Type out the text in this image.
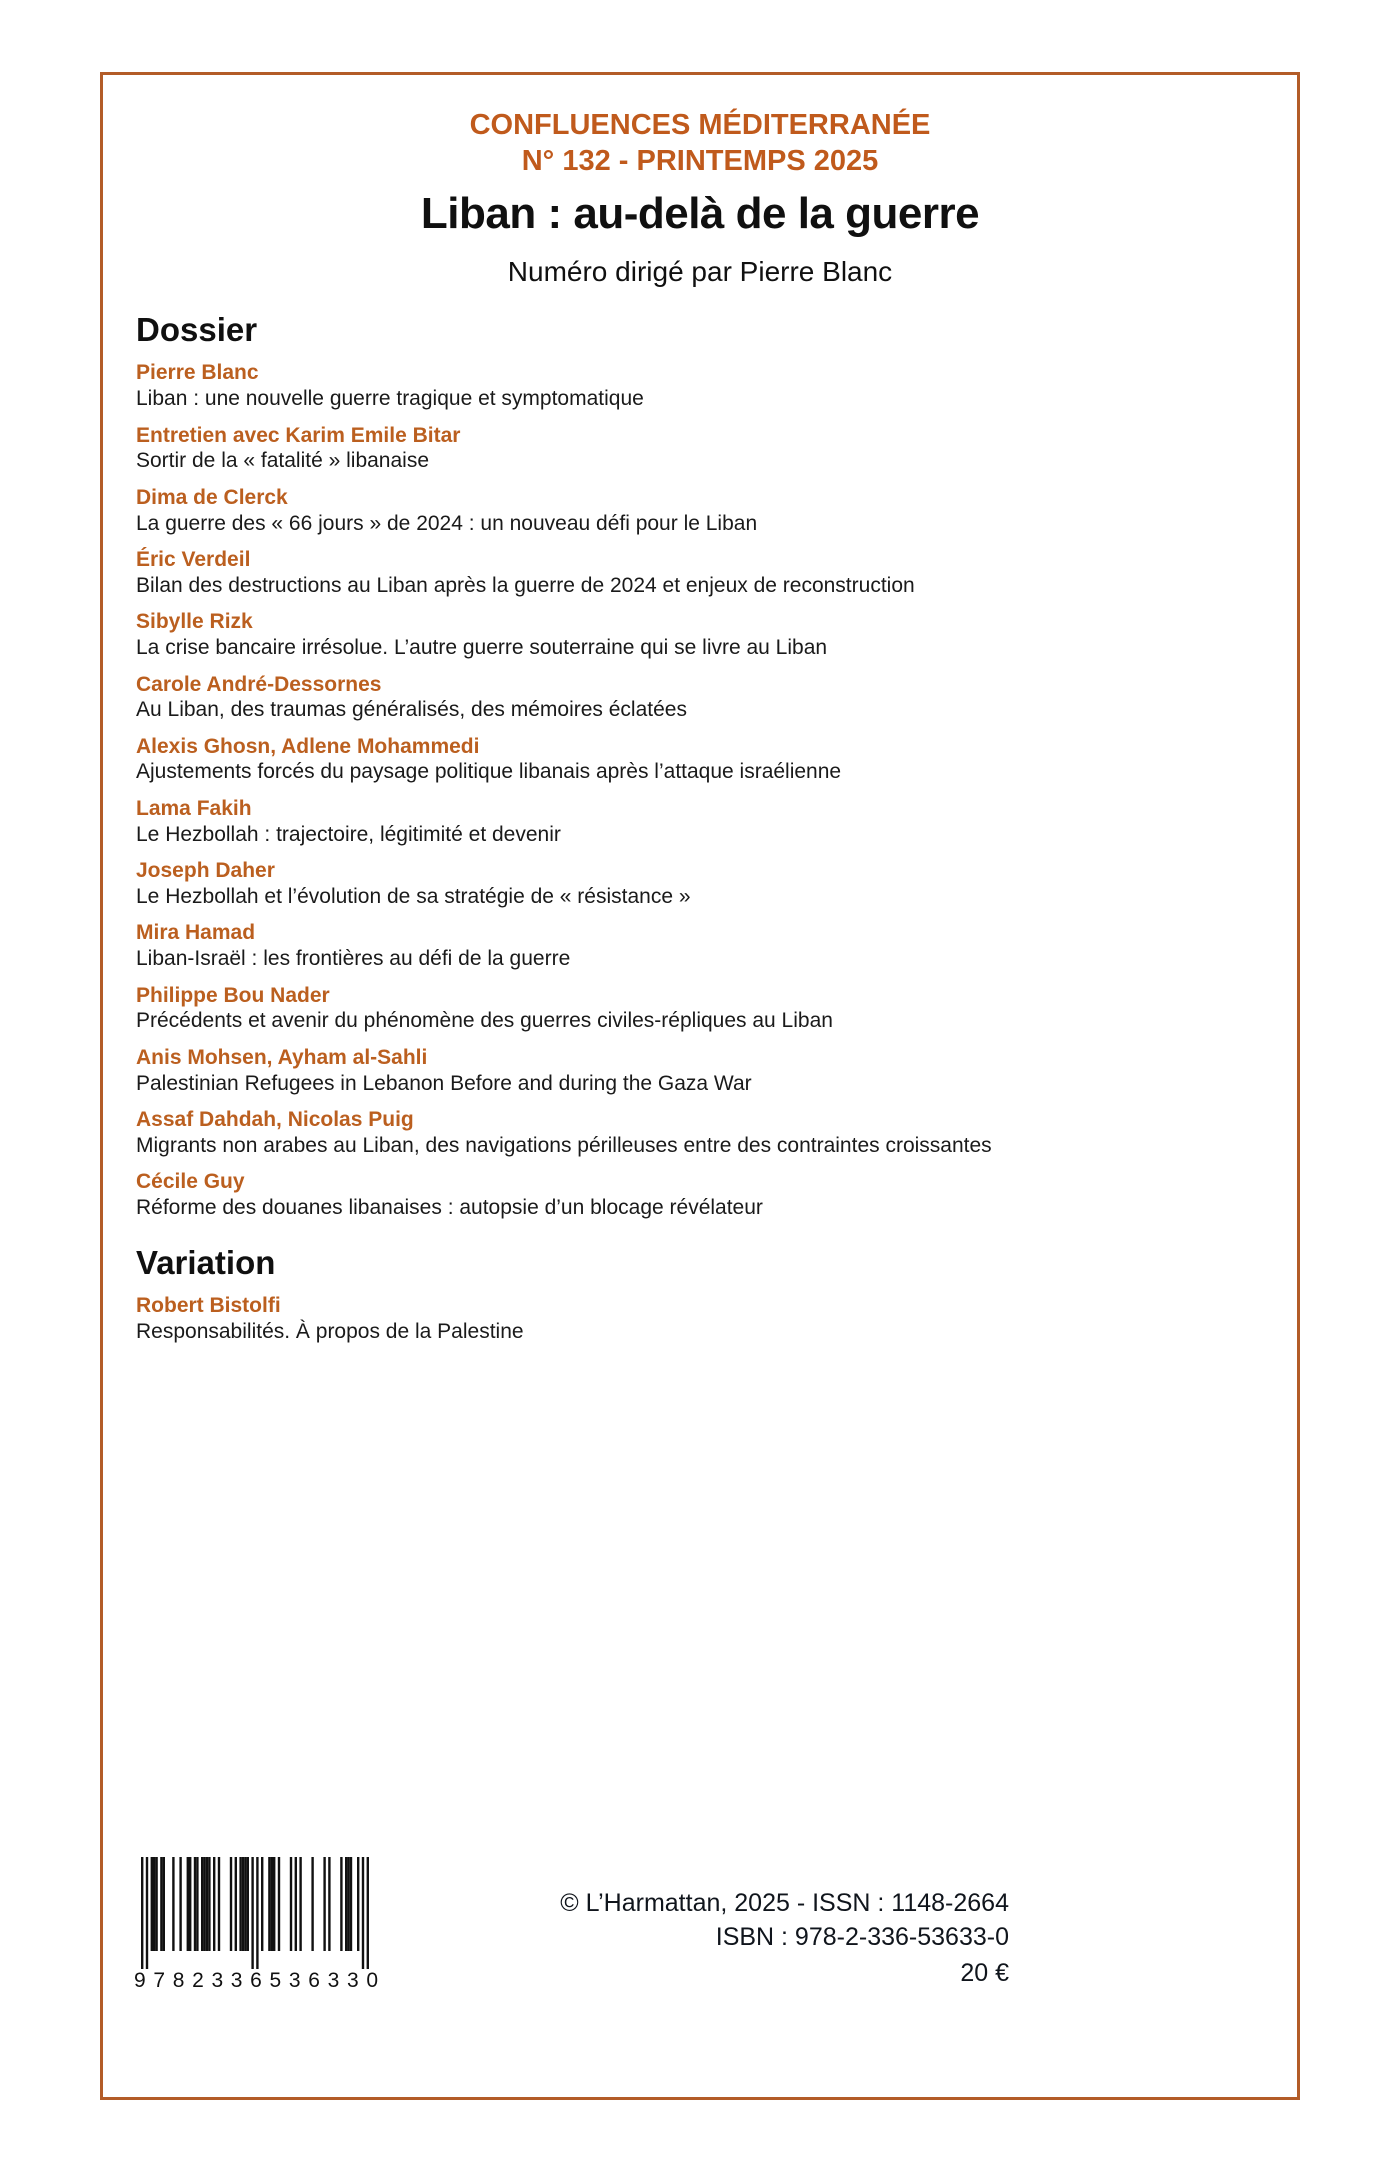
CONFLUENCES MÉDITERRANÉE
N° 132 - PRINTEMPS 2025
Liban : au-delà de la guerre
Numéro dirigé par Pierre Blanc
Dossier
Pierre Blanc
Liban : une nouvelle guerre tragique et symptomatique
Entretien avec Karim Emile Bitar
Sortir de la « fatalité » libanaise
Dima de Clerck
La guerre des « 66 jours » de 2024 : un nouveau défi pour le Liban
Éric Verdeil
Bilan des destructions au Liban après la guerre de 2024 et enjeux de reconstruction
Sibylle Rizk
La crise bancaire irrésolue. L’autre guerre souterraine qui se livre au Liban
Carole André-Dessornes
Au Liban, des traumas généralisés, des mémoires éclatées
Alexis Ghosn, Adlene Mohammedi
Ajustements forcés du paysage politique libanais après l’attaque israélienne
Lama Fakih
Le Hezbollah : trajectoire, légitimité et devenir
Joseph Daher
Le Hezbollah et l’évolution de sa stratégie de « résistance »
Mira Hamad
Liban-Israël : les frontières au défi de la guerre
Philippe Bou Nader
Précédents et avenir du phénomène des guerres civiles-répliques au Liban
Anis Mohsen, Ayham al-Sahli
Palestinian Refugees in Lebanon Before and during the Gaza War
Assaf Dahdah, Nicolas Puig
Migrants non arabes au Liban, des navigations périlleuses entre des contraintes croissantes
Cécile Guy
Réforme des douanes libanaises : autopsie d’un blocage révélateur
Variation
Robert Bistolfi
Responsabilités. À propos de la Palestine
9 7 8 2 3 3 6 5 3 6 3 3 0
© L’Harmattan, 2025 - ISSN : 1148-2664
ISBN : 978-2-336-53633-0
20 €
